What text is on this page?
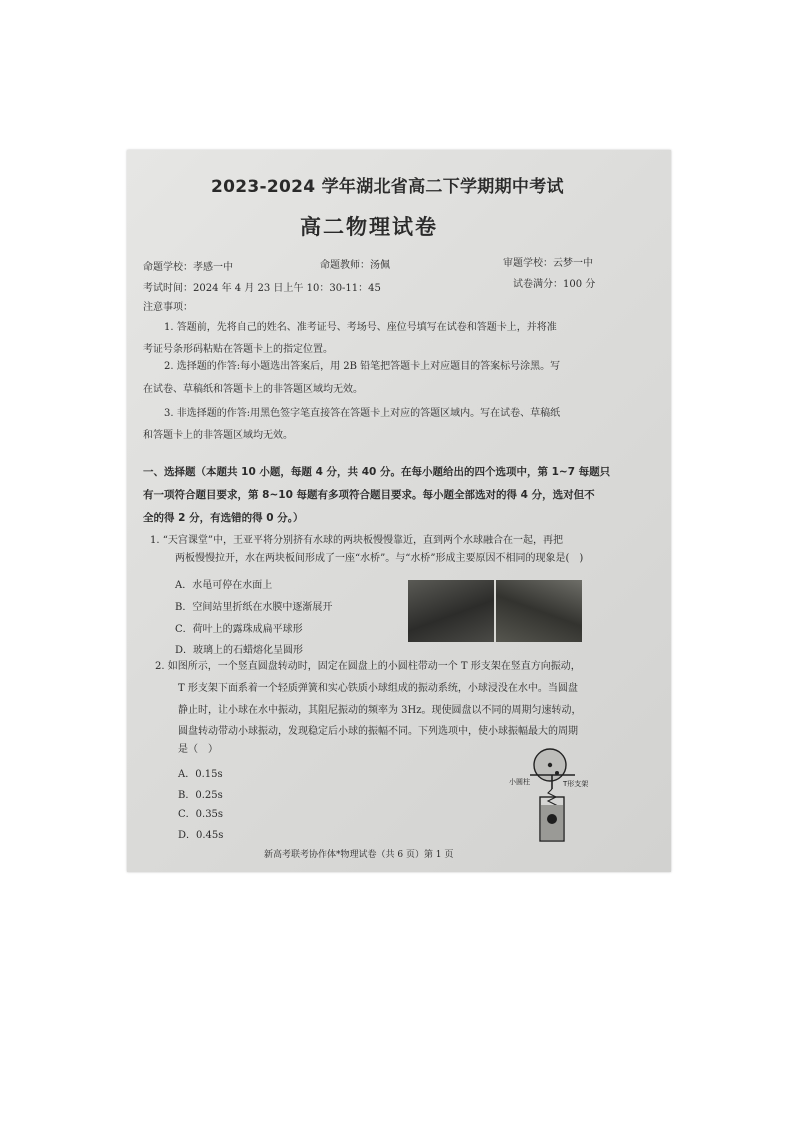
2023-2024 学年湖北省高二下学期期中考试
高二物理试卷
命题学校：孝感一中	命题教师：汤佩	审题学校：云梦一中
考试时间：2024 年 4 月 23 日上午 10：30-11：45	试卷满分：100 分
注意事项：
1. 答题前，先将自己的姓名、准考证号、考场号、座位号填写在试卷和答题卡上，并将准
考证号条形码粘贴在答题卡上的指定位置。
2. 选择题的作答:每小题选出答案后，用 2B 铅笔把答题卡上对应题目的答案标号涂黑。写
在试卷、草稿纸和答题卡上的非答题区域均无效。
3. 非选择题的作答:用黑色签字笔直接答在答题卡上对应的答题区域内。写在试卷、草稿纸
和答题卡上的非答题区域均无效。
一、选择题（本题共 10 小题，每题 4 分，共 40 分。在每小题给出的四个选项中，第 1~7 每题只
有一项符合题目要求，第 8~10 每题有多项符合题目要求。每小题全部选对的得 4 分，选对但不
全的得 2 分，有选错的得 0 分。）
1. “天宫课堂”中，王亚平将分别挤有水球的两块板慢慢靠近，直到两个水球融合在一起，再把
两板慢慢拉开，水在两块板间形成了一座“水桥”。与“水桥”形成主要原因不相同的现象是(　)
A．水黾可停在水面上
B．空间站里折纸在水膜中逐渐展开
C．荷叶上的露珠成扁平球形
D．玻璃上的石蜡熔化呈圆形
2. 如图所示，一个竖直圆盘转动时，固定在圆盘上的小圆柱带动一个 T 形支架在竖直方向振动，
T 形支架下面系着一个轻质弹簧和实心铁质小球组成的振动系统，小球浸没在水中。当圆盘
静止时，让小球在水中振动，其阻尼振动的频率为 3Hz。现使圆盘以不同的周期匀速转动，
圆盘转动带动小球振动，发现稳定后小球的振幅不同。下列选项中，使小球振幅最大的周期
是（　）
A．0.15s
B．0.25s
C．0.35s
D．0.45s
小圆柱	T形支架
新高考联考协作体*物理试卷（共 6 页）第 1 页
